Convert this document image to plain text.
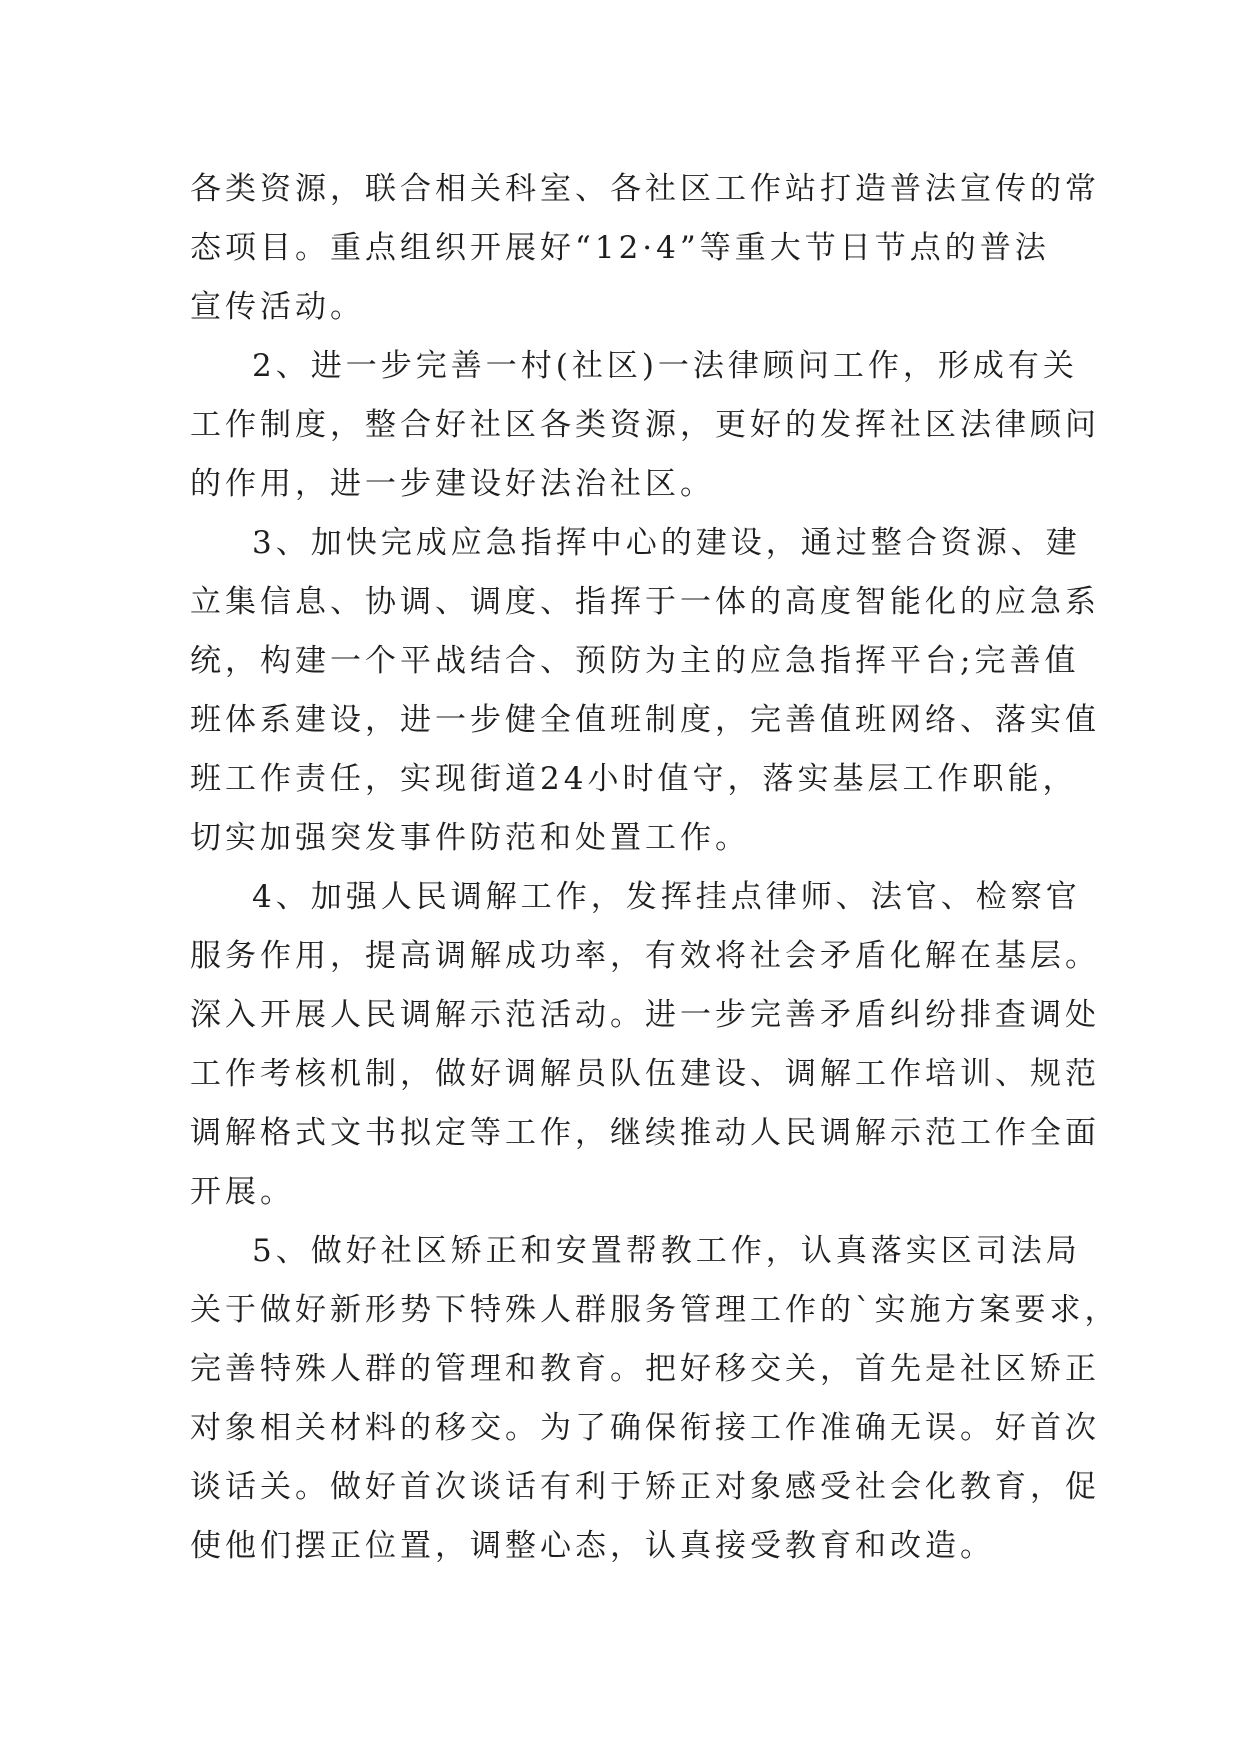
各类资源，联合相关科室、各社区工作站打造普法宣传的常
态项目。重点组织开展好“12·4”等重大节日节点的普法
宣传活动。
2、进一步完善一村(社区)一法律顾问工作，形成有关
工作制度，整合好社区各类资源，更好的发挥社区法律顾问
的作用，进一步建设好法治社区。
3、加快完成应急指挥中心的建设，通过整合资源、建
立集信息、协调、调度、指挥于一体的高度智能化的应急系
统，构建一个平战结合、预防为主的应急指挥平台;完善值
班体系建设，进一步健全值班制度，完善值班网络、落实值
班工作责任，实现街道24小时值守，落实基层工作职能，
切实加强突发事件防范和处置工作。
4、加强人民调解工作，发挥挂点律师、法官、检察官
服务作用，提高调解成功率，有效将社会矛盾化解在基层。
深入开展人民调解示范活动。进一步完善矛盾纠纷排查调处
工作考核机制，做好调解员队伍建设、调解工作培训、规范
调解格式文书拟定等工作，继续推动人民调解示范工作全面
开展。
5、做好社区矫正和安置帮教工作，认真落实区司法局
关于做好新形势下特殊人群服务管理工作的`实施方案要求，
完善特殊人群的管理和教育。把好移交关，首先是社区矫正
对象相关材料的移交。为了确保衔接工作准确无误。好首次
谈话关。做好首次谈话有利于矫正对象感受社会化教育，促
使他们摆正位置，调整心态，认真接受教育和改造。
